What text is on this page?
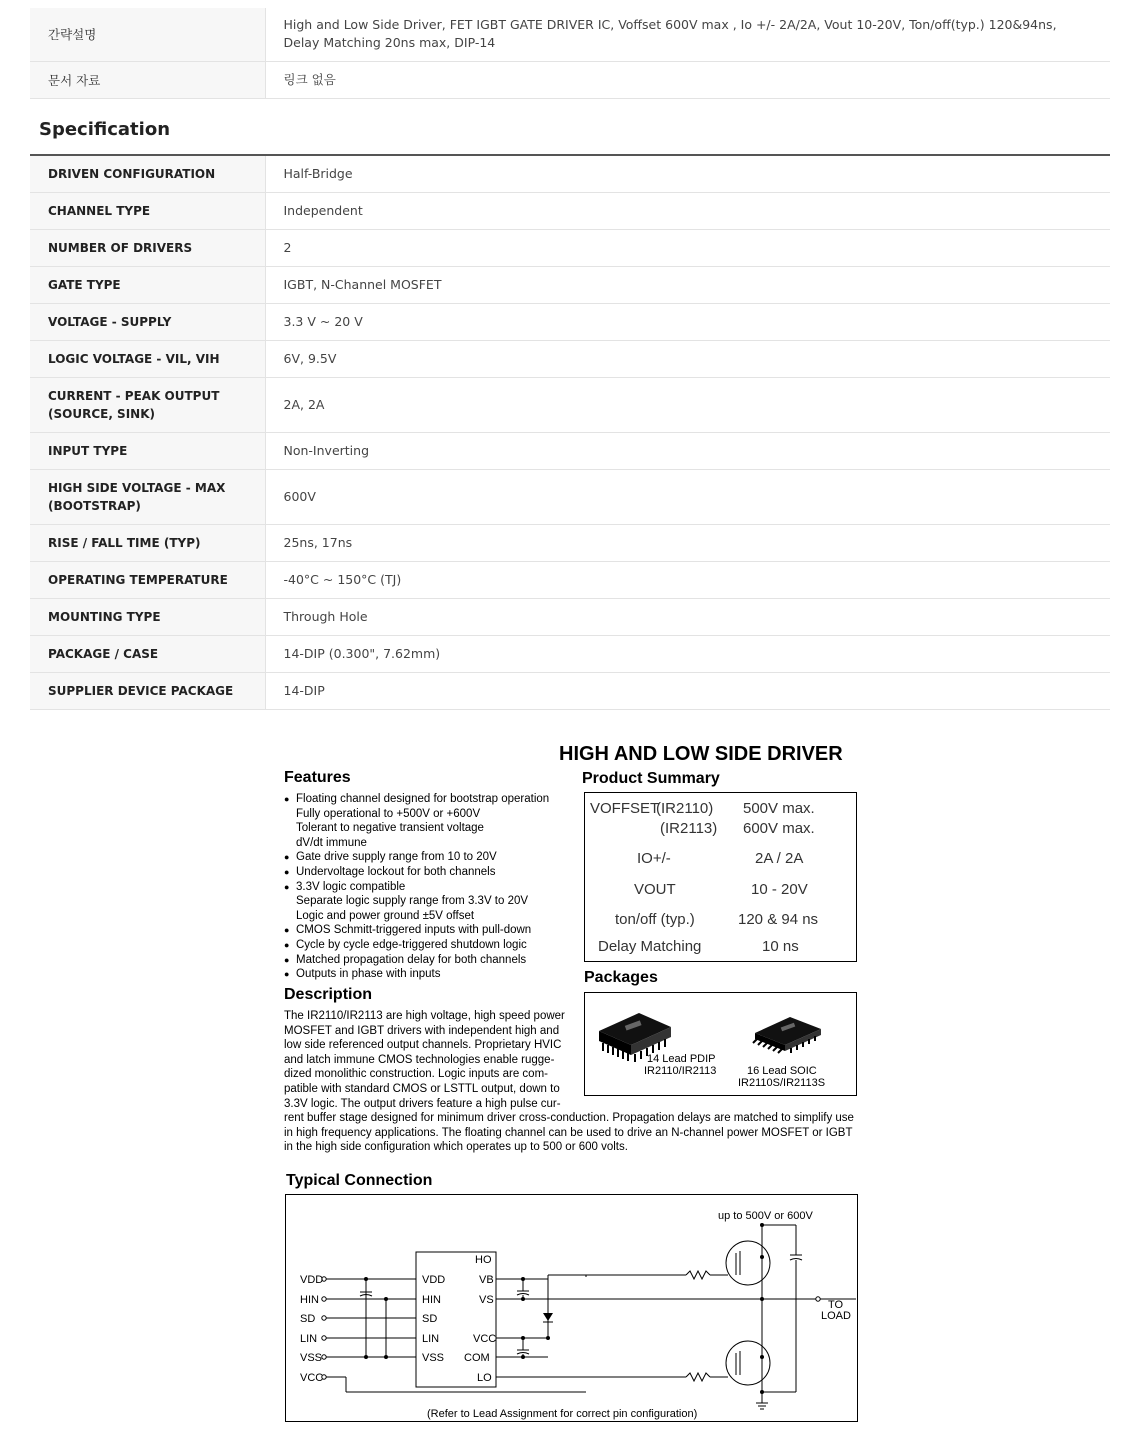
간략설명	High and Low Side Driver, FET IGBT GATE DRIVER IC, Voffset 600V max , Io +/- 2A/2A, Vout 10-20V, Ton/off(typ.) 120&94ns, Delay Matching 20ns max, DIP-14
문서 자료	링크 없음
Specification
DRIVEN CONFIGURATION	Half-Bridge
CHANNEL TYPE	Independent
NUMBER OF DRIVERS	2
GATE TYPE	IGBT, N-Channel MOSFET
VOLTAGE - SUPPLY	3.3 V ~ 20 V
LOGIC VOLTAGE - VIL, VIH	6V, 9.5V
CURRENT - PEAK OUTPUT (SOURCE, SINK)	2A, 2A
INPUT TYPE	Non-Inverting
HIGH SIDE VOLTAGE - MAX (BOOTSTRAP)	600V
RISE / FALL TIME (TYP)	25ns, 17ns
OPERATING TEMPERATURE	-40°C ~ 150°C (TJ)
MOUNTING TYPE	Through Hole
PACKAGE / CASE	14-DIP (0.300", 7.62mm)
SUPPLIER DEVICE PACKAGE	14-DIP
HIGH AND LOW SIDE DRIVER
Features
● Floating channel designed for bootstrap operation
Fully operational to +500V or +600V
Tolerant to negative transient voltage
dV/dt immune
● Gate drive supply range from 10 to 20V
● Undervoltage lockout for both channels
● 3.3V logic compatible
Separate logic supply range from 3.3V to 20V
Logic and power ground ±5V offset
● CMOS Schmitt-triggered inputs with pull-down
● Cycle by cycle edge-triggered shutdown logic
● Matched propagation delay for both channels
● Outputs in phase with inputs
Product Summary
VOFFSET
(IR2110) 500V max.
(IR2113) 600V max.
IO+/-	2A / 2A
VOUT	10 - 20V
ton/off (typ.)	120 & 94 ns
Delay Matching	10 ns
Packages
14 Lead PDIP
IR2110/IR2113	16 Lead SOIC
IR2110S/IR2113S
Description
The IR2110/IR2113 are high voltage, high speed power
MOSFET and IGBT drivers with independent high and
low side referenced output channels. Proprietary HVIC
and latch immune CMOS technologies enable rugge-
dized monolithic construction. Logic inputs are com-
patible with standard CMOS or LSTTL output, down to
3.3V logic. The output drivers feature a high pulse cur-
rent buffer stage designed for minimum driver cross-conduction. Propagation delays are matched to simplify use
in high frequency applications. The floating channel can be used to drive an N-channel power MOSFET or IGBT
in the high side configuration which operates up to 500 or 600 volts.
Typical Connection
VDD
HIN
SD
LIN
VSS
VCC
VDD
HIN
SD
LIN
VSS
HO
VB
VS
VCC
COM
LO
up to 500V or 600V
TO
LOAD
(Refer to Lead Assignment for correct pin configuration)
